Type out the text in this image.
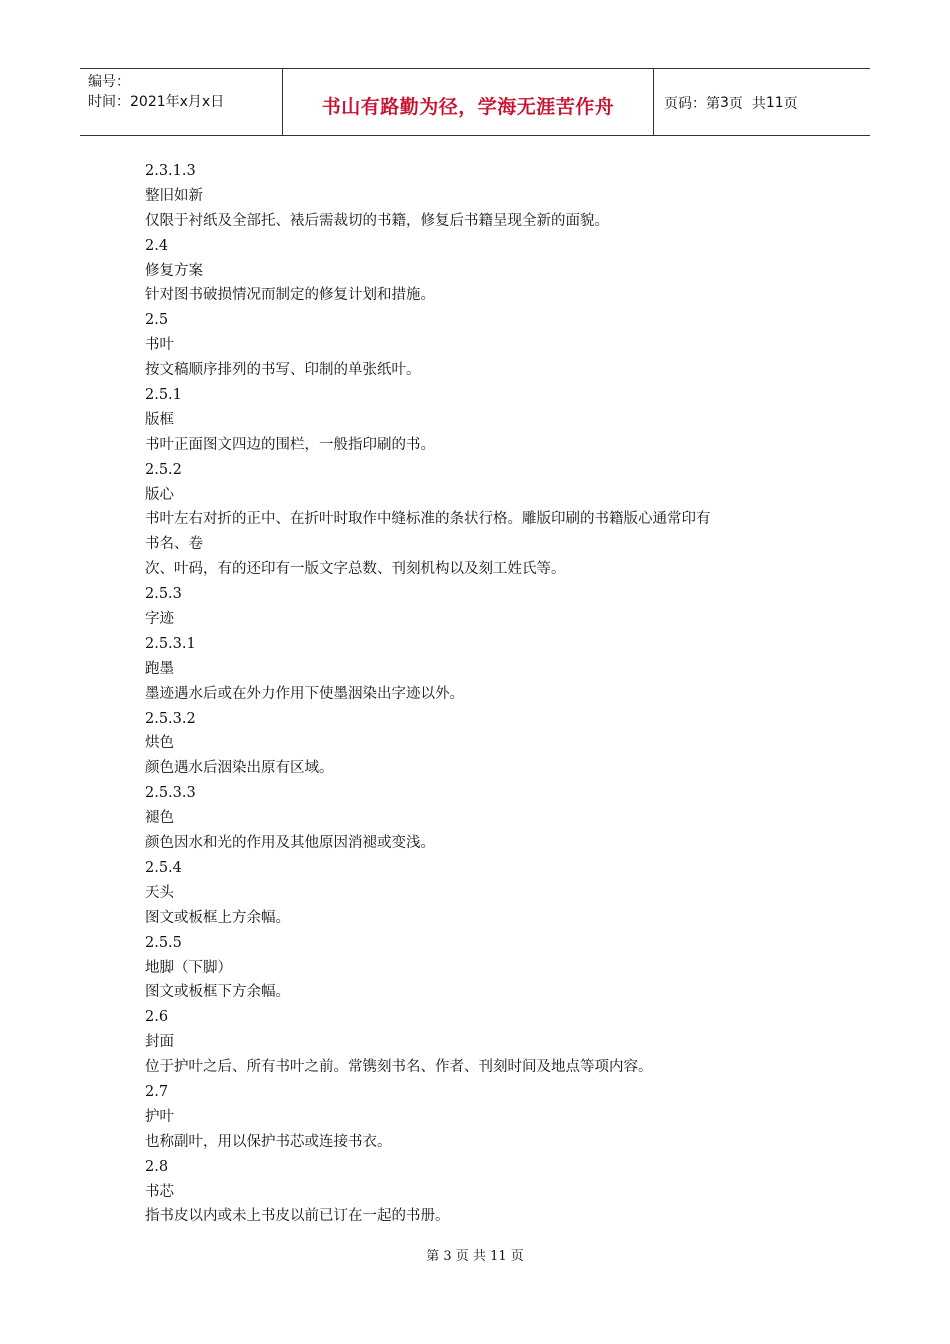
编号：
时间：2021年x月x日	书山有路勤为径，学海无涯苦作舟	页码：第 3 页  共 11 页
2.3.1.3
整旧如新
仅限于衬纸及全部托、裱后需裁切的书籍，修复后书籍呈现全新的面貌。
2.4
修复方案
针对图书破损情况而制定的修复计划和措施。
2.5
书叶
按文稿顺序排列的书写、印制的单张纸叶。
2.5.1
版框
书叶正面图文四边的围栏，一般指印刷的书。
2.5.2
版心
书叶左右对折的正中、在折叶时取作中缝标准的条状行格。雕版印刷的书籍版心通常印有
书名、卷
次、叶码，有的还印有一版文字总数、刊刻机构以及刻工姓氏等。
2.5.3
字迹
2.5.3.1
跑墨
墨迹遇水后或在外力作用下使墨洇染出字迹以外。
2.5.3.2
烘色
颜色遇水后洇染出原有区域。
2.5.3.3
褪色
颜色因水和光的作用及其他原因消褪或变浅。
2.5.4
天头
图文或板框上方余幅。
2.5.5
地脚（下脚）
图文或板框下方余幅。
2.6
封面
位于护叶之后、所有书叶之前。常镌刻书名、作者、刊刻时间及地点等项内容。
2.7
护叶
也称副叶，用以保护书芯或连接书衣。
2.8
书芯
指书皮以内或未上书皮以前已订在一起的书册。
第 3 页 共 11 页
